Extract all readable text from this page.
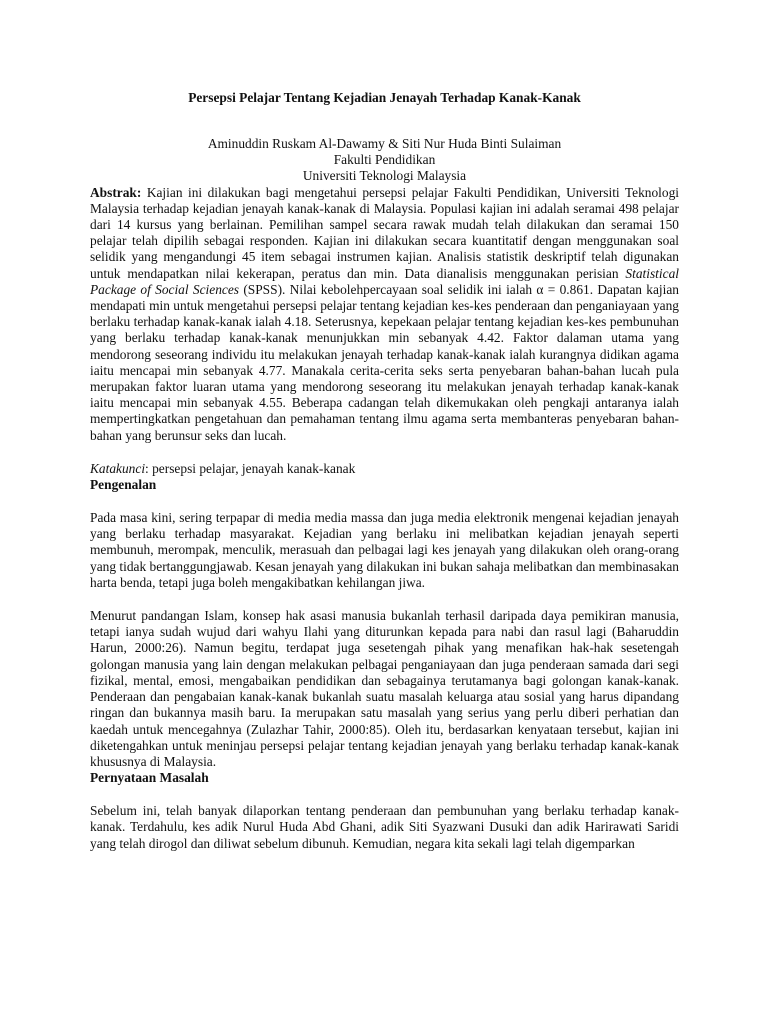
Persepsi Pelajar Tentang Kejadian Jenayah Terhadap Kanak-Kanak
Aminuddin Ruskam Al-Dawamy & Siti Nur Huda Binti Sulaiman
Fakulti Pendidikan
Universiti Teknologi Malaysia

Abstrak: Kajian ini dilakukan bagi mengetahui persepsi pelajar Fakulti Pendidikan, Universiti Teknologi Malaysia terhadap kejadian jenayah kanak-kanak di Malaysia. Populasi kajian ini adalah seramai 498 pelajar dari 14 kursus yang berlainan. Pemilihan sampel secara rawak mudah telah dilakukan dan seramai 150 pelajar telah dipilih sebagai responden. Kajian ini dilakukan secara kuantitatif dengan menggunakan soal selidik yang mengandungi 45 item sebagai instrumen kajian. Analisis statistik deskriptif telah digunakan untuk mendapatkan nilai kekerapan, peratus dan min. Data dianalisis menggunakan perisian Statistical Package of Social Sciences (SPSS). Nilai kebolehpercayaan soal selidik ini ialah α = 0.861. Dapatan kajian mendapati min untuk mengetahui persepsi pelajar tentang kejadian kes-kes penderaan dan penganiayaan yang berlaku terhadap kanak-kanak ialah 4.18. Seterusnya, kepekaan pelajar tentang kejadian kes-kes pembunuhan yang berlaku terhadap kanak-kanak menunjukkan min sebanyak 4.42. Faktor dalaman utama yang mendorong seseorang individu itu melakukan jenayah terhadap kanak-kanak ialah kurangnya didikan agama iaitu mencapai min sebanyak 4.77. Manakala cerita-cerita seks serta penyebaran bahan-bahan lucah pula merupakan faktor luaran utama yang mendorong seseorang itu melakukan jenayah terhadap kanak-kanak iaitu mencapai min sebanyak 4.55. Beberapa cadangan telah dikemukakan oleh pengkaji antaranya ialah mempertingkatkan pengetahuan dan pemahaman tentang ilmu agama serta membanteras penyebaran bahan-bahan yang berunsur seks dan lucah.

Katakunci: persepsi pelajar, jenayah kanak-kanak

Pengenalan

Pada masa kini, sering terpapar di media media massa dan juga media elektronik mengenai kejadian jenayah yang berlaku terhadap masyarakat. Kejadian yang berlaku ini melibatkan kejadian jenayah seperti membunuh, merompak, menculik, merasuah dan pelbagai lagi kes jenayah yang dilakukan oleh orang-orang yang tidak bertanggungjawab. Kesan jenayah yang dilakukan ini bukan sahaja melibatkan dan membinasakan harta benda, tetapi juga boleh mengakibatkan kehilangan jiwa.

Menurut pandangan Islam, konsep hak asasi manusia bukanlah terhasil daripada daya pemikiran manusia, tetapi ianya sudah wujud dari wahyu Ilahi yang diturunkan kepada para nabi dan rasul lagi (Baharuddin Harun, 2000:26). Namun begitu, terdapat juga sesetengah pihak yang menafikan hak-hak sesetengah golongan manusia yang lain dengan melakukan pelbagai penganiayaan dan juga penderaan samada dari segi fizikal, mental, emosi, mengabaikan pendidikan dan sebagainya terutamanya bagi golongan kanak-kanak. Penderaan dan pengabaian kanak-kanak bukanlah suatu masalah keluarga atau sosial yang harus dipandang ringan dan bukannya masih baru. Ia merupakan satu masalah yang serius yang perlu diberi perhatian dan kaedah untuk mencegahnya (Zulazhar Tahir, 2000:85). Oleh itu, berdasarkan kenyataan tersebut, kajian ini diketengahkan untuk meninjau persepsi pelajar tentang kejadian jenayah yang berlaku terhadap kanak-kanak khususnya di Malaysia.

Pernyataan Masalah

Sebelum ini, telah banyak dilaporkan tentang penderaan dan pembunuhan yang berlaku terhadap kanak-kanak. Terdahulu, kes adik Nurul Huda Abd Ghani, adik Siti Syazwani Dusuki dan adik Harirawati Saridi yang telah dirogol dan diliwat sebelum dibunuh. Kemudian, negara kita sekali lagi telah digemparkan
